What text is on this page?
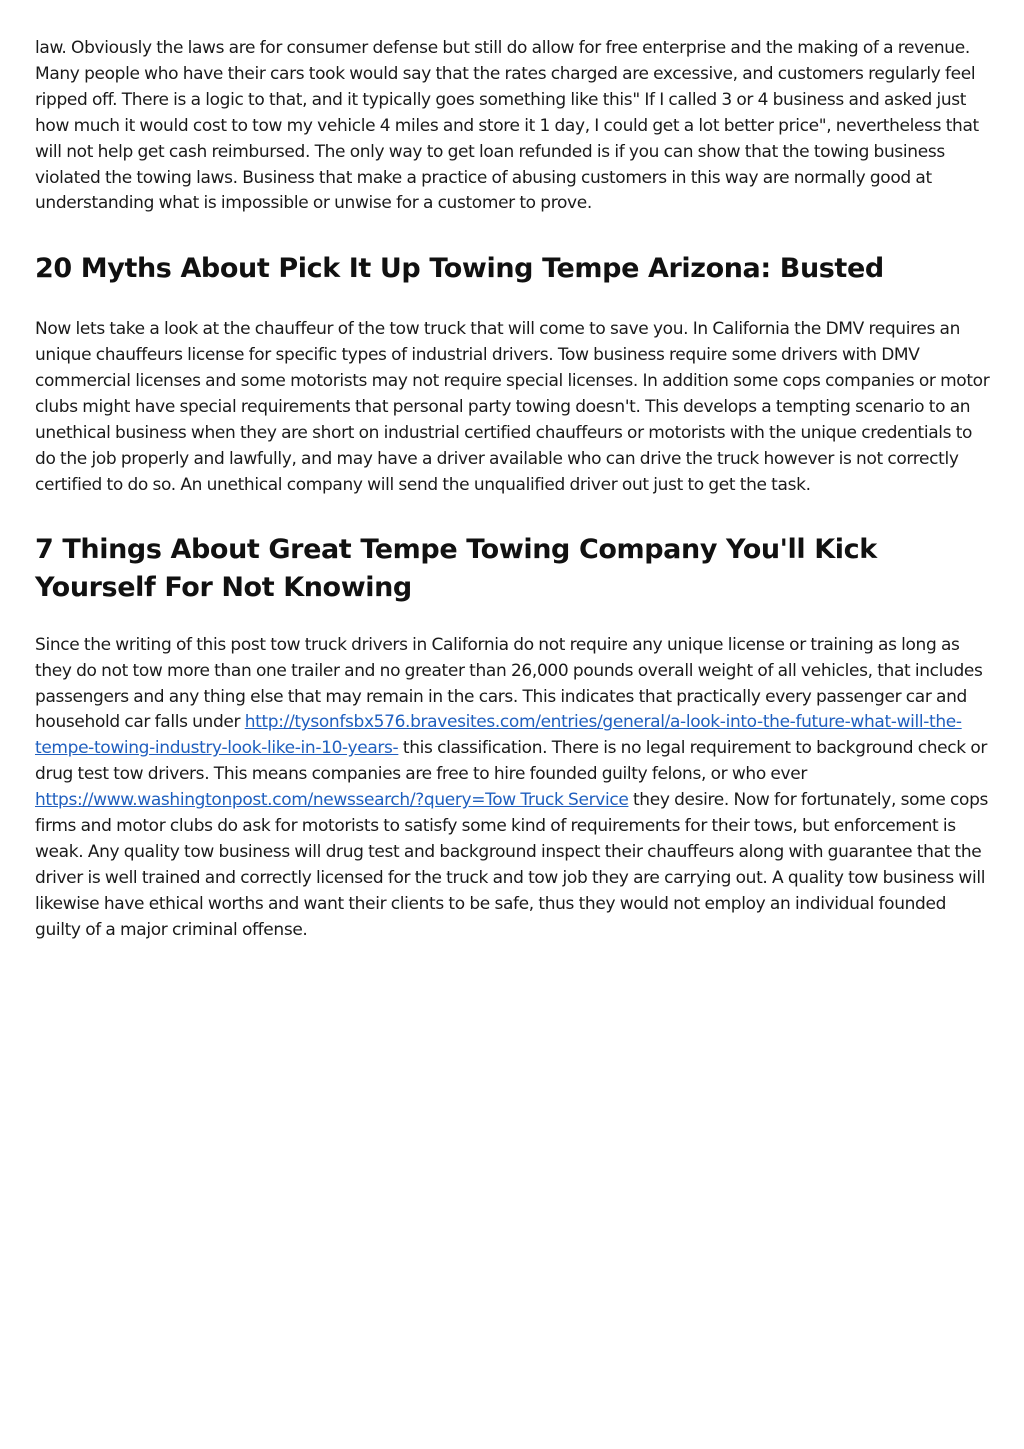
law. Obviously the laws are for consumer defense but still do allow for free enterprise and the making of a revenue. Many people who have their cars took would say that the rates charged are excessive, and customers regularly feel ripped off. There is a logic to that, and it typically goes something like this" If I called 3 or 4 business and asked just how much it would cost to tow my vehicle 4 miles and store it 1 day, I could get a lot better price", nevertheless that will not help get cash reimbursed. The only way to get loan refunded is if you can show that the towing business violated the towing laws. Business that make a practice of abusing customers in this way are normally good at understanding what is impossible or unwise for a customer to prove.

20 Myths About Pick It Up Towing Tempe Arizona: Busted

Now lets take a look at the chauffeur of the tow truck that will come to save you. In California the DMV requires an unique chauffeurs license for specific types of industrial drivers. Tow business require some drivers with DMV commercial licenses and some motorists may not require special licenses. In addition some cops companies or motor clubs might have special requirements that personal party towing doesn't. This develops a tempting scenario to an unethical business when they are short on industrial certified chauffeurs or motorists with the unique credentials to do the job properly and lawfully, and may have a driver available who can drive the truck however is not correctly certified to do so. An unethical company will send the unqualified driver out just to get the task.

7 Things About Great Tempe Towing Company You'll Kick Yourself For Not Knowing

Since the writing of this post tow truck drivers in California do not require any unique license or training as long as they do not tow more than one trailer and no greater than 26,000 pounds overall weight of all vehicles, that includes passengers and any thing else that may remain in the cars. This indicates that practically every passenger car and household car falls under http://tysonfsbx576.bravesites.com/entries/general/a-look-into-the-future-what-will-the-tempe-towing-industry-look-like-in-10-years- this classification. There is no legal requirement to background check or drug test tow drivers. This means companies are free to hire founded guilty felons, or who ever https://www.washingtonpost.com/newssearch/?query=Tow Truck Service they desire. Now for fortunately, some cops firms and motor clubs do ask for motorists to satisfy some kind of requirements for their tows, but enforcement is weak. Any quality tow business will drug test and background inspect their chauffeurs along with guarantee that the driver is well trained and correctly licensed for the truck and tow job they are carrying out. A quality tow business will likewise have ethical worths and want their clients to be safe, thus they would not employ an individual founded guilty of a major criminal offense.
